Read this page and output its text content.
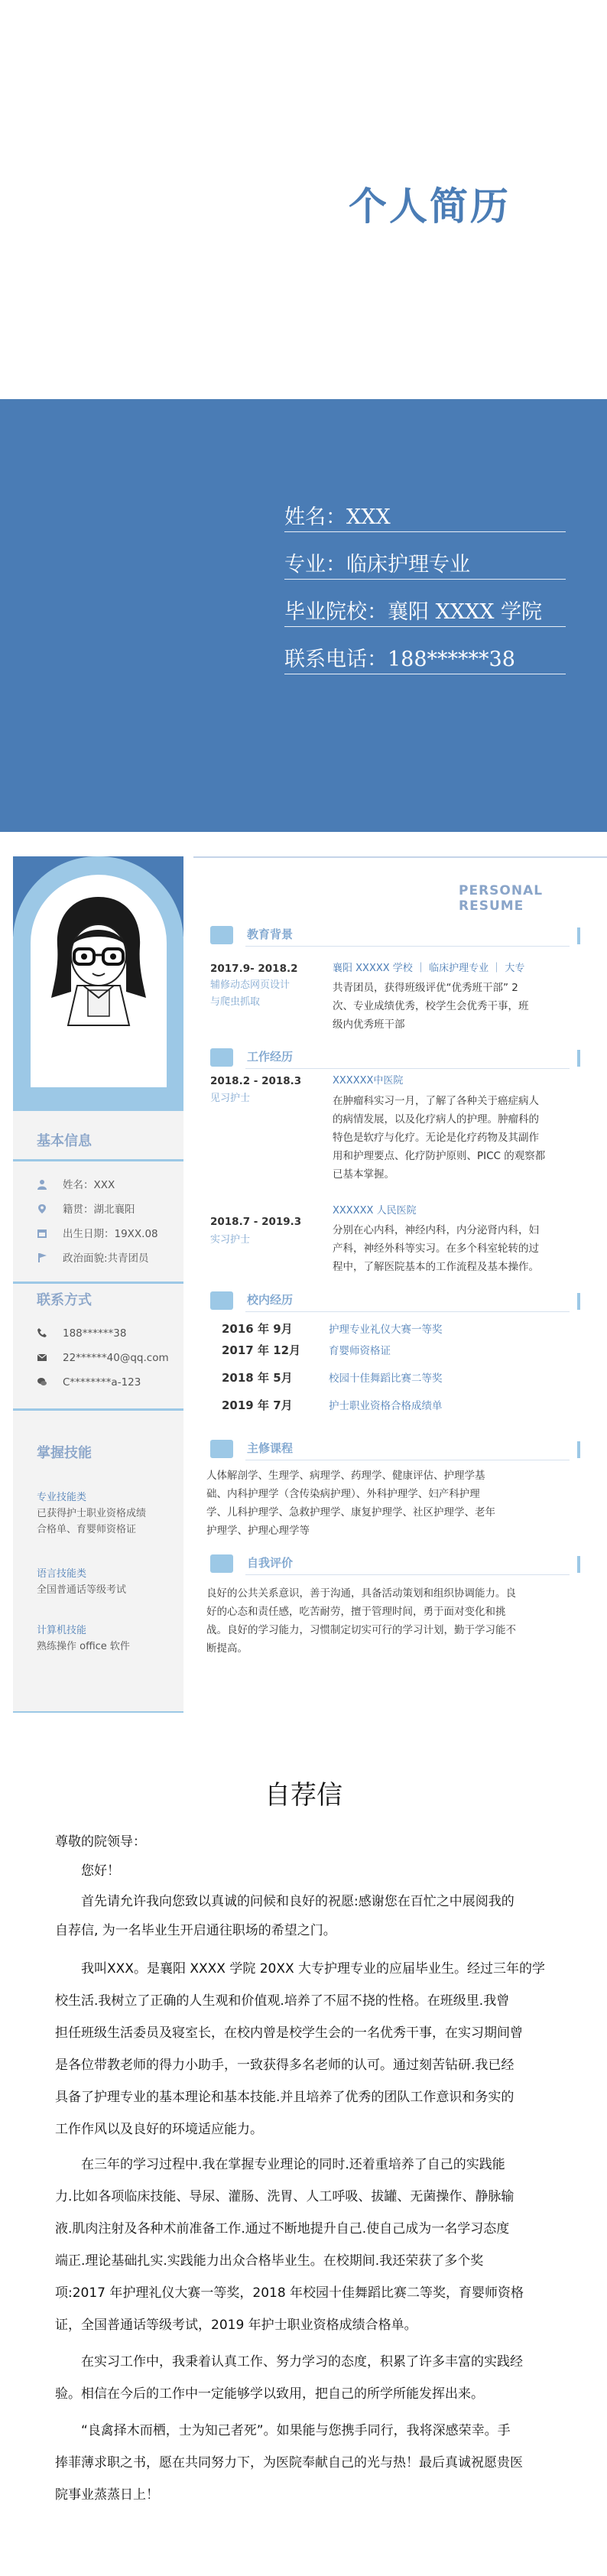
个人简历
姓名：XXX
专业：临床护理专业
毕业院校：襄阳 XXXX 学院
联系电话：188******38
PERSONAL RESUME
基本信息
姓名：XXX
籍贯：湖北襄阳
出生日期：19XX.08
政治面貌:共青团员
联系方式
188******38
22******40@qq.com
C********a-123
掌握技能
专业技能类
已获得护士职业资格成绩
合格单、育婴师资格证
语言技能类
全国普通话等级考试
计算机技能
熟练操作 office 软件
教育背景
2017.9- 2018.2
辅修动态网页设计
与爬虫抓取
襄阳 XXXXX 学校 ｜ 临床护理专业 ｜ 大专
共青团员，获得班级评优“优秀班干部” 2
次、专业成绩优秀，校学生会优秀干事，班
级内优秀班干部
工作经历
2018.2 - 2018.3
见习护士
XXXXXX中医院
在肿瘤科实习一月，了解了各种关于癌症病人
的病情发展，以及化疗病人的护理。肿瘤科的
特色是软疗与化疗。无论是化疗药物及其副作
用和护理要点、化疗防护原则、PICC 的观察都
已基本掌握。
2018.7 - 2019.3
实习护士
XXXXXX 人民医院
分别在心内科，神经内科，内分泌肾内科，妇
产科，神经外科等实习。在多个科室轮转的过
程中，了解医院基本的工作流程及基本操作。
校内经历
2016 年 9月
2017 年 12月
2018 年 5月
2019 年 7月
护理专业礼仪大赛一等奖
育婴师资格证
校园十佳舞蹈比赛二等奖
护士职业资格合格成绩单
主修课程
人体解剖学、生理学、病理学、药理学、健康评估、护理学基
础、内科护理学（含传染病护理）、外科护理学、妇产科护理
学、儿科护理学、急救护理学、康复护理学、社区护理学、老年
护理学、护理心理学等
自我评价
良好的公共关系意识，善于沟通，具备活动策划和组织协调能力。良
好的心态和责任感，吃苦耐劳，擅于管理时间，勇于面对变化和挑
战。良好的学习能力，习惯制定切实可行的学习计划，勤于学习能不
断提高。
自荐信
尊敬的院领导：
您好！
首先请允许我向您致以真诚的问候和良好的祝愿:感谢您在百忙之中展阅我的
自荐信, 为一名毕业生开启通往职场的希望之门。
我叫XXX。是襄阳 XXXX 学院 20XX 大专护理专业的应届毕业生。经过三年的学
校生活.我树立了正确的人生观和价值观.培养了不屈不挠的性格。在班级里.我曾
担任班级生活委员及寝室长，在校内曾是校学生会的一名优秀干事，在实习期间曾
是各位带教老师的得力小助手，一致获得多名老师的认可。通过刻苦钻研.我已经
具备了护理专业的基本理论和基本技能.并且培养了优秀的团队工作意识和务实的
工作作风以及良好的环境适应能力。
在三年的学习过程中.我在掌握专业理论的同时.还着重培养了自己的实践能
力.比如各项临床技能、导尿、灌肠、洗胃、人工呼吸、拔罐、无菌操作、静脉输
液.肌肉注射及各种术前准备工作.通过不断地提升自己.使自己成为一名学习态度
端正.理论基础扎实.实践能力出众合格毕业生。在校期间.我还荣获了多个奖
项:2017 年护理礼仪大赛一等奖，2018 年校园十佳舞蹈比赛二等奖，育婴师资格
证，全国普通话等级考试，2019 年护士职业资格成绩合格单。
在实习工作中，我秉着认真工作、努力学习的态度，积累了许多丰富的实践经
验。相信在今后的工作中一定能够学以致用，把自己的所学所能发挥出来。
“良禽择木而栖，士为知己者死”。如果能与您携手同行，我将深感荣幸。手
捧菲薄求职之书，愿在共同努力下，为医院奉献自己的光与热！最后真诚祝愿贵医
院事业蒸蒸日上！
